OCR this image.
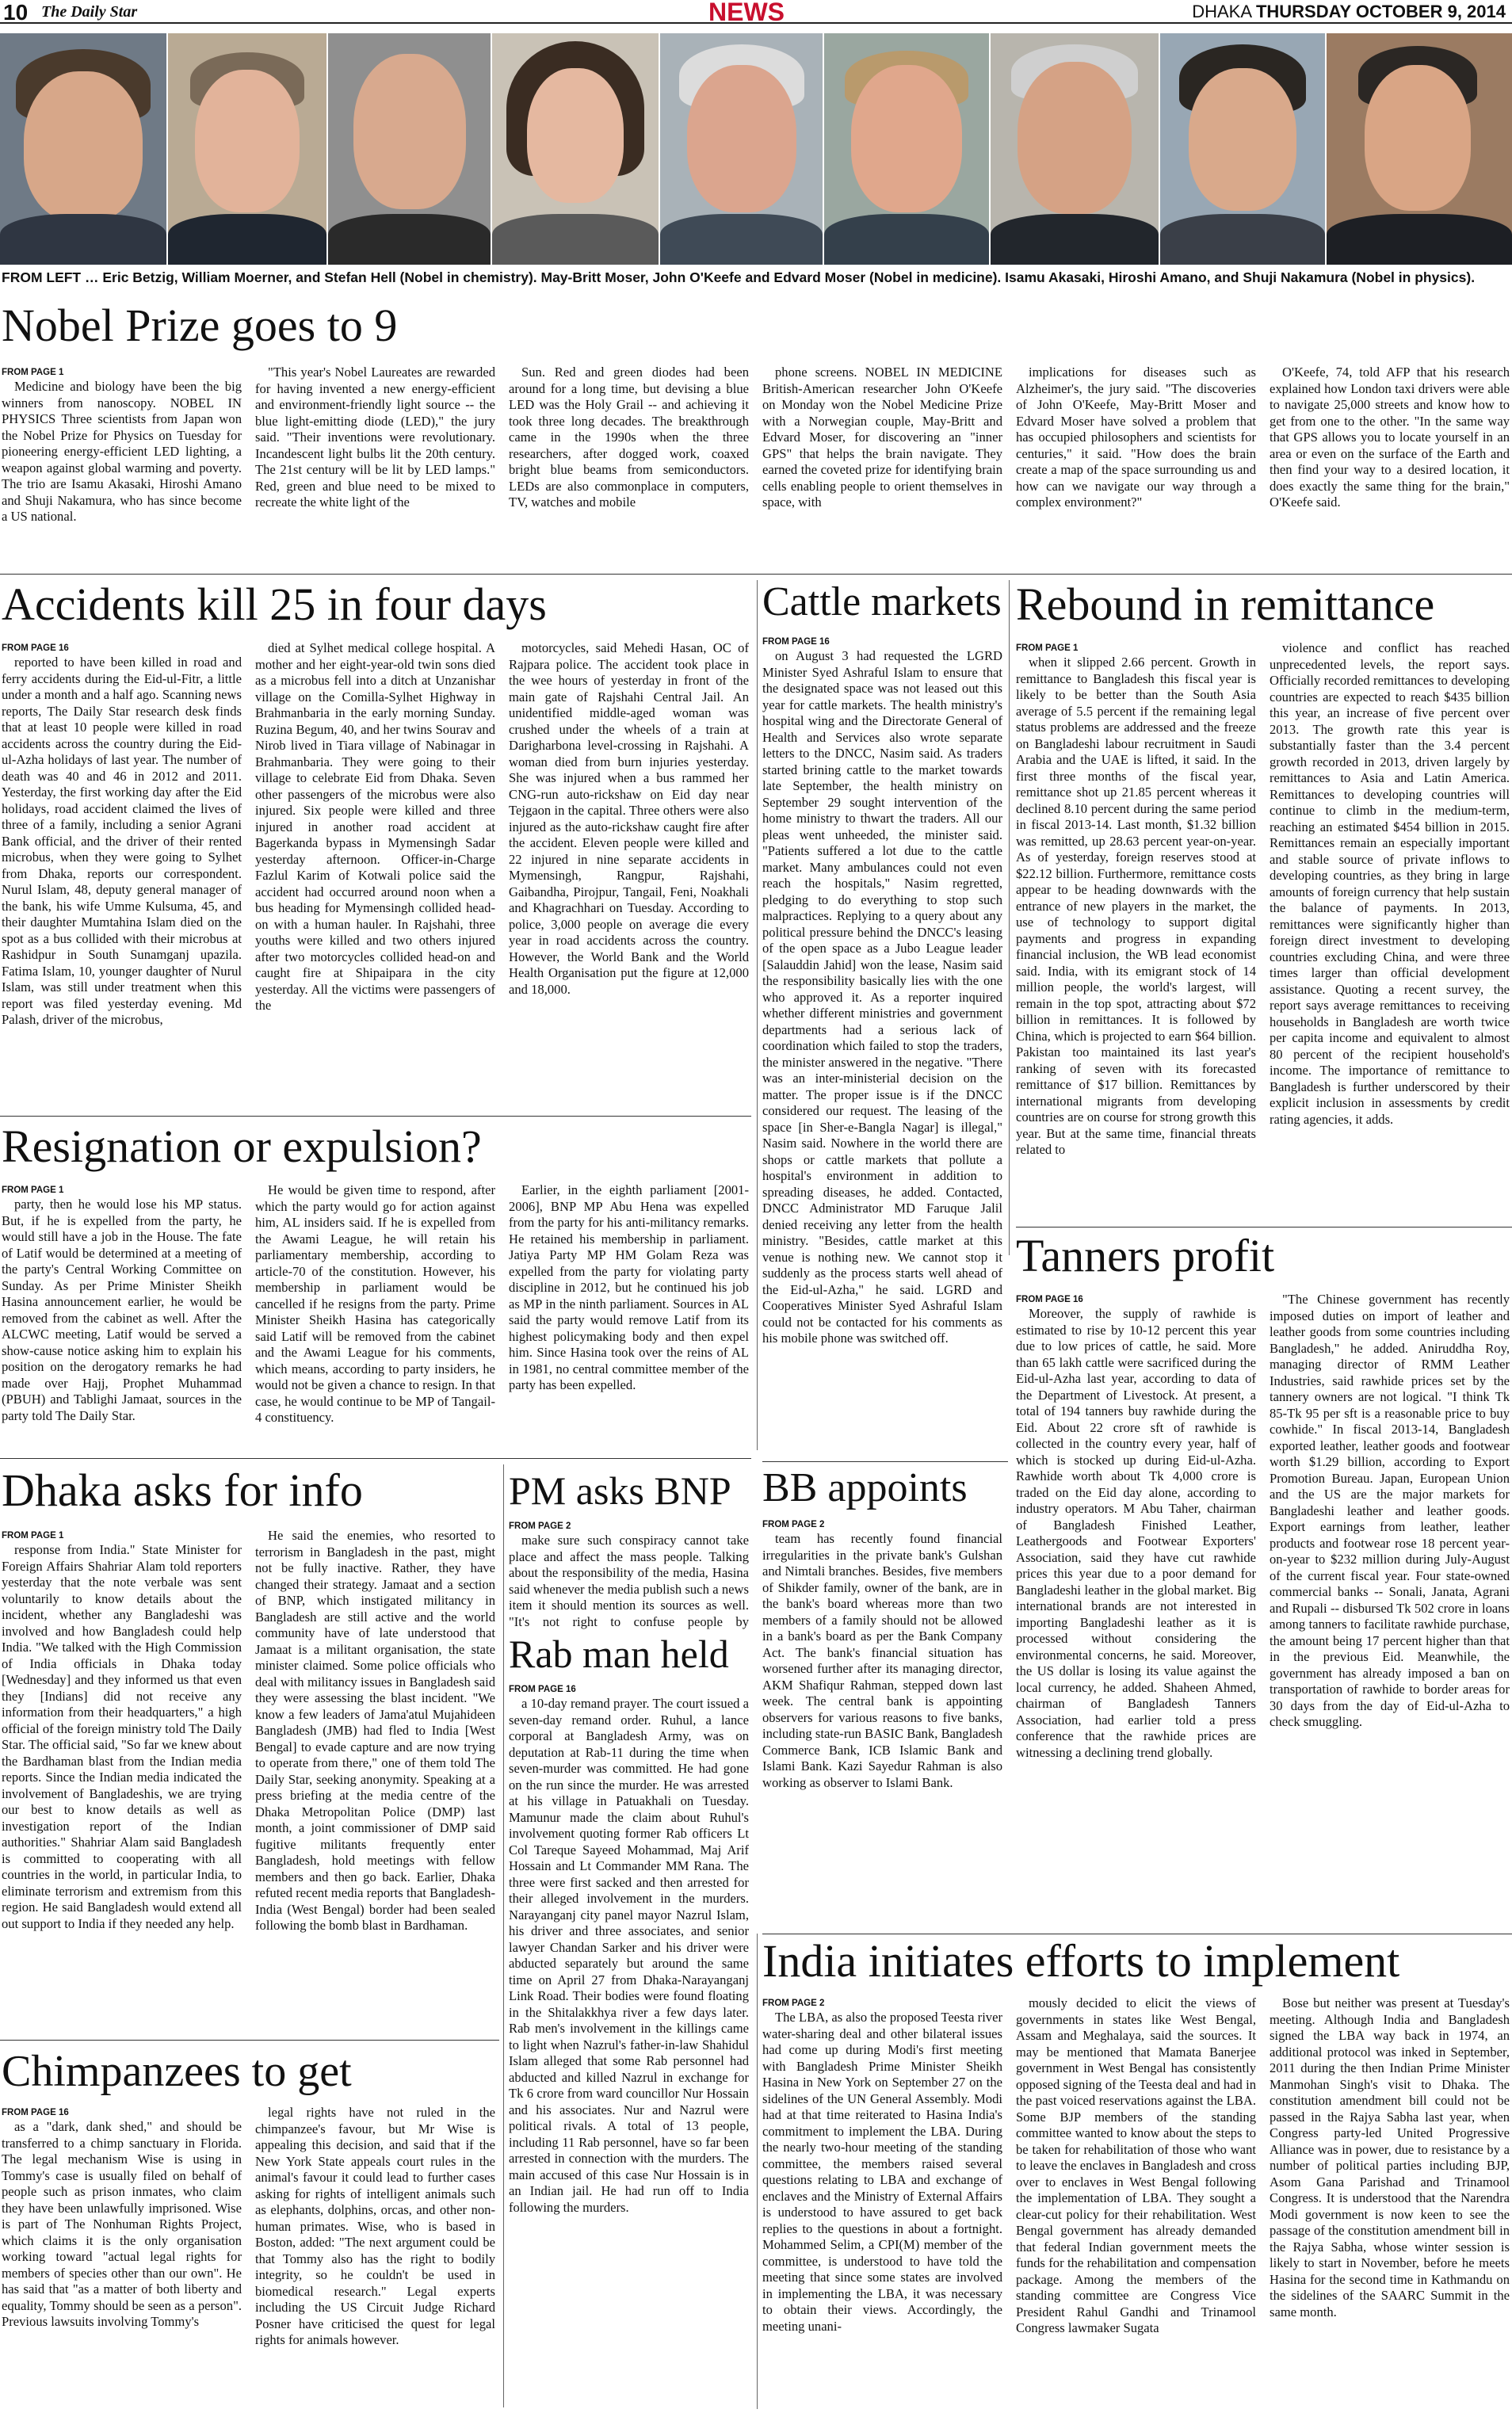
10 The Daily Star	NEWS	DHAKA THURSDAY OCTOBER 9, 2014
FROM LEFT … Eric Betzig, William Moerner, and Stefan Hell (Nobel in chemistry). May-Britt Moser, John O'Keefe and Edvard Moser (Nobel in medicine). Isamu Akasaki, Hiroshi Amano, and Shuji Nakamura (Nobel in physics).
Nobel Prize goes to 9
FROM PAGE 1

Medicine and biology have been the big winners from nanoscopy. NOBEL IN PHYSICS Three scientists from Japan won the Nobel Prize for Physics on Tuesday for pioneering energy-efficient LED lighting, a weapon against global warming and poverty. The trio are Isamu Akasaki, Hiroshi Amano and Shuji Nakamura, who has since become a US national.

"This year's Nobel Laureates are rewarded for having invented a new energy-efficient and environment-friendly light source -- the blue light-emitting diode (LED)," the jury said. "Their inventions were revolutionary. Incandescent light bulbs lit the 20th century. The 21st century will be lit by LED lamps." Red, green and blue need to be mixed to recreate the white light of the

Sun. Red and green diodes had been around for a long time, but devising a blue LED was the Holy Grail -- and achieving it took three long decades. The breakthrough came in the 1990s when the three researchers, after dogged work, coaxed bright blue beams from semiconductors. LEDs are also commonplace in computers, TV, watches and mobile

phone screens. NOBEL IN MEDICINE British-American researcher John O'Keefe on Monday won the Nobel Medicine Prize with a Norwegian couple, May-Britt and Edvard Moser, for discovering an "inner GPS" that helps the brain navigate. They earned the coveted prize for identifying brain cells enabling people to orient themselves in space, with

implications for diseases such as Alzheimer's, the jury said. "The discoveries of John O'Keefe, May-Britt Moser and Edvard Moser have solved a problem that has occupied philosophers and scientists for centuries," it said. "How does the brain create a map of the space surrounding us and how can we navigate our way through a complex environment?"

O'Keefe, 74, told AFP that his research explained how London taxi drivers were able to navigate 25,000 streets and know how to get from one to the other. "In the same way that GPS allows you to locate yourself in an area or even on the surface of the Earth and then find your way to a desired location, it does exactly the same thing for the brain," O'Keefe said.

Accidents kill 25 in four days
FROM PAGE 16

reported to have been killed in road and ferry accidents during the Eid-ul-Fitr, a little under a month and a half ago. Scanning news reports, The Daily Star research desk finds that at least 10 people were killed in road accidents across the country during the Eid-ul-Azha holidays of last year. The number of death was 40 and 46 in 2012 and 2011. Yesterday, the first working day after the Eid holidays, road accident claimed the lives of three of a family, including a senior Agrani Bank official, and the driver of their rented microbus, when they were going to Sylhet from Dhaka, reports our correspondent. Nurul Islam, 48, deputy general manager of the bank, his wife Umme Kulsuma, 45, and their daughter Mumtahina Islam died on the spot as a bus collided with their microbus at Rashidpur in South Sunamganj upazila. Fatima Islam, 10, younger daughter of Nurul Islam, was still under treatment when this report was filed yesterday evening. Md Palash, driver of the microbus,

died at Sylhet medical college hospital. A mother and her eight-year-old twin sons died as a microbus fell into a ditch at Unzanishar village on the Comilla-Sylhet Highway in Brahmanbaria in the early morning Sunday. Ruzina Begum, 40, and her twins Sourav and Nirob lived in Tiara village of Nabinagar in Brahmanbaria. They were going to their village to celebrate Eid from Dhaka. Seven other passengers of the microbus were also injured. Six people were killed and three injured in another road accident at Bagerkanda bypass in Mymensingh Sadar yesterday afternoon. Officer-in-Charge Fazlul Karim of Kotwali police said the accident had occurred around noon when a bus heading for Mymensingh collided head-on with a human hauler. In Rajshahi, three youths were killed and two others injured after two motorcycles collided head-on and caught fire at Shipaipara in the city yesterday. All the victims were passengers of the

motorcycles, said Mehedi Hasan, OC of Rajpara police. The accident took place in the wee hours of yesterday in front of the main gate of Rajshahi Central Jail. An unidentified middle-aged woman was crushed under the wheels of a train at Darigharbona level-crossing in Rajshahi. A woman died from burn injuries yesterday. She was injured when a bus rammed her CNG-run auto-rickshaw on Eid day near Tejgaon in the capital. Three others were also injured as the auto-rickshaw caught fire after the accident. Eleven people were killed and 22 injured in nine separate accidents in Mymensingh, Rangpur, Rajshahi, Gaibandha, Pirojpur, Tangail, Feni, Noakhali and Khagrachhari on Tuesday. According to police, 3,000 people on average die every year in road accidents across the country. However, the World Bank and the World Health Organisation put the figure at 12,000 and 18,000.

Cattle markets
FROM PAGE 16

on August 3 had requested the LGRD Minister Syed Ashraful Islam to ensure that the designated space was not leased out this year for cattle markets. The health ministry's hospital wing and the Directorate General of Health and Services also wrote separate letters to the DNCC, Nasim said. As traders started brining cattle to the market towards late September, the health ministry on September 29 sought intervention of the home ministry to thwart the traders. All our pleas went unheeded, the minister said. "Patients suffered a lot due to the cattle market. Many ambulances could not even reach the hospitals," Nasim regretted, pledging to do everything to stop such malpractices. Replying to a query about any political pressure behind the DNCC's leasing of the open space as a Jubo League leader [Salauddin Jahid] won the lease, Nasim said the responsibility basically lies with the one who approved it. As a reporter inquired whether different ministries and government departments had a serious lack of coordination which failed to stop the traders, the minister answered in the negative. "There was an inter-ministerial decision on the matter. The proper issue is if the DNCC considered our request. The leasing of the space [in Sher-e-Bangla Nagar] is illegal," Nasim said. Nowhere in the world there are shops or cattle markets that pollute a hospital's environment in addition to spreading diseases, he added. Contacted, DNCC Administrator MD Faruque Jalil denied receiving any letter from the health ministry. "Besides, cattle market at this venue is nothing new. We cannot stop it suddenly as the process starts well ahead of the Eid-ul-Azha," he said. LGRD and Cooperatives Minister Syed Ashraful Islam could not be contacted for his comments as his mobile phone was switched off.

Rebound in remittance
FROM PAGE 1

when it slipped 2.66 percent. Growth in remittance to Bangladesh this fiscal year is likely to be better than the South Asia average of 5.5 percent if the remaining legal status problems are addressed and the freeze on Bangladeshi labour recruitment in Saudi Arabia and the UAE is lifted, it said. In the first three months of the fiscal year, remittance shot up 21.85 percent whereas it declined 8.10 percent during the same period in fiscal 2013-14. Last month, $1.32 billion was remitted, up 28.63 percent year-on-year. As of yesterday, foreign reserves stood at $22.12 billion. Furthermore, remittance costs appear to be heading downwards with the entrance of new players in the market, the use of technology to support digital payments and progress in expanding financial inclusion, the WB lead economist said. India, with its emigrant stock of 14 million people, the world's largest, will remain in the top spot, attracting about $72 billion in remittances. It is followed by China, which is projected to earn $64 billion. Pakistan too maintained its last year's ranking of seven with its forecasted remittance of $17 billion. Remittances by international migrants from developing countries are on course for strong growth this year. But at the same time, financial threats related to

violence and conflict has reached unprecedented levels, the report says. Officially recorded remittances to developing countries are expected to reach $435 billion this year, an increase of five percent over 2013. The growth rate this year is substantially faster than the 3.4 percent growth recorded in 2013, driven largely by remittances to Asia and Latin America. Remittances to developing countries will continue to climb in the medium-term, reaching an estimated $454 billion in 2015. Remittances remain an especially important and stable source of private inflows to developing countries, as they bring in large amounts of foreign currency that help sustain the balance of payments. In 2013, remittances were significantly higher than foreign direct investment to developing countries excluding China, and were three times larger than official development assistance. Quoting a recent survey, the report says average remittances to receiving households in Bangladesh are worth twice per capita income and equivalent to almost 80 percent of the recipient household's income. The importance of remittance to Bangladesh is further underscored by their explicit inclusion in assessments by credit rating agencies, it adds.

Resignation or expulsion?
FROM PAGE 1

party, then he would lose his MP status. But, if he is expelled from the party, he would still have a job in the House. The fate of Latif would be determined at a meeting of the party's Central Working Committee on Sunday. As per Prime Minister Sheikh Hasina announcement earlier, he would be removed from the cabinet as well. After the ALCWC meeting, Latif would be served a show-cause notice asking him to explain his position on the derogatory remarks he had made over Hajj, Prophet Muhammad (PBUH) and Tablighi Jamaat, sources in the party told The Daily Star.

He would be given time to respond, after which the party would go for action against him, AL insiders said. If he is expelled from the Awami League, he will retain his parliamentary membership, according to article-70 of the constitution. However, his membership in parliament would be cancelled if he resigns from the party. Prime Minister Sheikh Hasina has categorically said Latif will be removed from the cabinet and the Awami League for his comments, which means, according to party insiders, he would not be given a chance to resign. In that case, he would continue to be MP of Tangail-4 constituency.

Earlier, in the eighth parliament [2001-2006], BNP MP Abu Hena was expelled from the party for his anti-militancy remarks. He retained his membership in parliament. Jatiya Party MP HM Golam Reza was expelled from the party for violating party discipline in 2012, but he continued his job as MP in the ninth parliament. Sources in AL said the party would remove Latif from its highest policymaking body and then expel him. Since Hasina took over the reins of AL in 1981, no central committee member of the party has been expelled.

Tanners profit
FROM PAGE 16

Moreover, the supply of rawhide is estimated to rise by 10-12 percent this year due to low prices of cattle, he said. More than 65 lakh cattle were sacrificed during the Eid-ul-Azha last year, according to data of the Department of Livestock. At present, a total of 194 tanners buy rawhide during the Eid. About 22 crore sft of rawhide is collected in the country every year, half of which is stocked up during Eid-ul-Azha. Rawhide worth about Tk 4,000 crore is traded on the Eid day alone, according to industry operators. M Abu Taher, chairman of Bangladesh Finished Leather, Leathergoods and Footwear Exporters' Association, said they have cut rawhide prices this year due to a poor demand for Bangladeshi leather in the global market. Big international brands are not interested in importing Bangladeshi leather as it is processed without considering the environmental concerns, he said. Moreover, the US dollar is losing its value against the local currency, he added. Shaheen Ahmed, chairman of Bangladesh Tanners Association, had earlier told a press conference that the rawhide prices are witnessing a declining trend globally.

"The Chinese government has recently imposed duties on import of leather and leather goods from some countries including Bangladesh," he added. Aniruddha Roy, managing director of RMM Leather Industries, said rawhide prices set by the tannery owners are not logical. "I think Tk 85-Tk 95 per sft is a reasonable price to buy cowhide." In fiscal 2013-14, Bangladesh exported leather, leather goods and footwear worth $1.29 billion, according to Export Promotion Bureau. Japan, European Union and the US are the major markets for Bangladeshi leather and leather goods. Export earnings from leather, leather products and footwear rose 18 percent year-on-year to $232 million during July-August of the current fiscal year. Four state-owned commercial banks -- Sonali, Janata, Agrani and Rupali -- disbursed Tk 502 crore in loans among tanners to facilitate rawhide purchase, the amount being 17 percent higher than that in the previous Eid. Meanwhile, the government has already imposed a ban on transportation of rawhide to border areas for 30 days from the day of Eid-ul-Azha to check smuggling.

Dhaka asks for info
FROM PAGE 1

response from India." State Minister for Foreign Affairs Shahriar Alam told reporters yesterday that the note verbale was sent voluntarily to know details about the incident, whether any Bangladeshi was involved and how Bangladesh could help India. "We talked with the High Commission of India officials in Dhaka today [Wednesday] and they informed us that even they [Indians] did not receive any information from their headquarters," a high official of the foreign ministry told The Daily Star. The official said, "So far we knew about the Bardhaman blast from the Indian media reports. Since the Indian media indicated the involvement of Bangladeshis, we are trying our best to know details as well as investigation report of the Indian authorities." Shahriar Alam said Bangladesh is committed to cooperating with all countries in the world, in particular India, to eliminate terrorism and extremism from this region. He said Bangladesh would extend all out support to India if they needed any help.

He said the enemies, who resorted to terrorism in Bangladesh in the past, might not be fully inactive. Rather, they have changed their strategy. Jamaat and a section of BNP, which instigated militancy in Bangladesh are still active and the world community have of late understood that Jamaat is a militant organisation, the state minister claimed. Some police officials who deal with militancy issues in Bangladesh said they were assessing the blast incident. "We know a few leaders of Jama'atul Mujahideen Bangladesh (JMB) had fled to India [West Bengal] to evade capture and are now trying to operate from there," one of them told The Daily Star, seeking anonymity. Speaking at a press briefing at the media centre of the Dhaka Metropolitan Police (DMP) last month, a joint commissioner of DMP said fugitive militants frequently enter Bangladesh, hold meetings with fellow members and then go back. Earlier, Dhaka refuted recent media reports that Bangladesh-India (West Bengal) border had been sealed following the bomb blast in Bardhaman.

PM asks BNP
FROM PAGE 2

make sure such conspiracy cannot take place and affect the mass people. Talking about the responsibility of the media, Hasina said whenever the media publish such a news item it should mention its sources as well. "It's not right to confuse people by

Rab man held
FROM PAGE 16

a 10-day remand prayer. The court issued a seven-day remand order. Ruhul, a lance corporal at Bangladesh Army, was on deputation at Rab-11 during the time when seven-murder was committed. He had gone on the run since the murder. He was arrested at his village in Patuakhali on Tuesday. Mamunur made the claim about Ruhul's involvement quoting former Rab officers Lt Col Tareque Sayeed Mohammad, Maj Arif Hossain and Lt Commander MM Rana. The three were first sacked and then arrested for their alleged involvement in the murders. Narayanganj city panel mayor Nazrul Islam, his driver and three associates, and senior lawyer Chandan Sarker and his driver were abducted separately but around the same time on April 27 from Dhaka-Narayanganj Link Road. Their bodies were found floating in the Shitalakkhya river a few days later. Rab men's involvement in the killings came to light when Nazrul's father-in-law Shahidul Islam alleged that some Rab personnel had abducted and killed Nazrul in exchange for Tk 6 crore from ward councillor Nur Hossain and his associates. Nur and Nazrul were political rivals. A total of 13 people, including 11 Rab personnel, have so far been arrested in connection with the murders. The main accused of this case Nur Hossain is in an Indian jail. He had run off to India following the murders.

BB appoints
FROM PAGE 2

team has recently found financial irregularities in the private bank's Gulshan and Nimtali branches. Besides, five members of Shikder family, owner of the bank, are in the bank's board whereas more than two members of a family should not be allowed in a bank's board as per the Bank Company Act. The bank's financial situation has worsened further after its managing director, AKM Shafiqur Rahman, stepped down last week. The central bank is appointing observers for various reasons to five banks, including state-run BASIC Bank, Bangladesh Commerce Bank, ICB Islamic Bank and Islami Bank. Kazi Sayedur Rahman is also working as observer to Islami Bank.

Chimpanzees to get
FROM PAGE 16

as a "dark, dank shed," and should be transferred to a chimp sanctuary in Florida. The legal mechanism Wise is using in Tommy's case is usually filed on behalf of people such as prison inmates, who claim they have been unlawfully imprisoned. Wise is part of The Nonhuman Rights Project, which claims it is the only organisation working toward "actual legal rights for members of species other than our own". He has said that "as a matter of both liberty and equality, Tommy should be seen as a person". Previous lawsuits involving Tommy's

legal rights have not ruled in the chimpanzee's favour, but Mr Wise is appealing this decision, and said that if the New York State appeals court rules in the animal's favour it could lead to further cases asking for rights of intelligent animals such as elephants, dolphins, orcas, and other non-human primates. Wise, who is based in Boston, added: "The next argument could be that Tommy also has the right to bodily integrity, so he couldn't be used in biomedical research." Legal experts including the US Circuit Judge Richard Posner have criticised the quest for legal rights for animals however.

India initiates efforts to implement
FROM PAGE 2

The LBA, as also the proposed Teesta river water-sharing deal and other bilateral issues had come up during Modi's first meeting with Bangladesh Prime Minister Sheikh Hasina in New York on September 27 on the sidelines of the UN General Assembly. Modi had at that time reiterated to Hasina India's commitment to implement the LBA. During the nearly two-hour meeting of the standing committee, the members raised several questions relating to LBA and exchange of enclaves and the Ministry of External Affairs is understood to have assured to get back replies to the questions in about a fortnight. Mohammed Selim, a CPI(M) member of the committee, is understood to have told the meeting that since some states are involved in implementing the LBA, it was necessary to obtain their views. Accordingly, the meeting unani-

mously decided to elicit the views of governments in states like West Bengal, Assam and Meghalaya, said the sources. It may be mentioned that Mamata Banerjee government in West Bengal has consistently opposed signing of the Teesta deal and had in the past voiced reservations against the LBA. Some BJP members of the standing committee wanted to know about the steps to be taken for rehabilitation of those who want to leave the enclaves in Bangladesh and cross over to enclaves in West Bengal following the implementation of LBA. They sought a clear-cut policy for their rehabilitation. West Bengal government has already demanded that federal Indian government meets the funds for the rehabilitation and compensation package. Among the members of the standing committee are Congress Vice President Rahul Gandhi and Trinamool Congress lawmaker Sugata

Bose but neither was present at Tuesday's meeting. Although India and Bangladesh signed the LBA way back in 1974, an additional protocol was inked in September, 2011 during the then Indian Prime Minister Manmohan Singh's visit to Dhaka. The constitution amendment bill could not be passed in the Rajya Sabha last year, when Congress party-led United Progressive Alliance was in power, due to resistance by a number of political parties including BJP, Asom Gana Parishad and Trinamool Congress. It is understood that the Narendra Modi government is now keen to see the passage of the constitution amendment bill in the Rajya Sabha, whose winter session is likely to start in November, before he meets Hasina for the second time in Kathmandu on the sidelines of the SAARC Summit in the same month.
